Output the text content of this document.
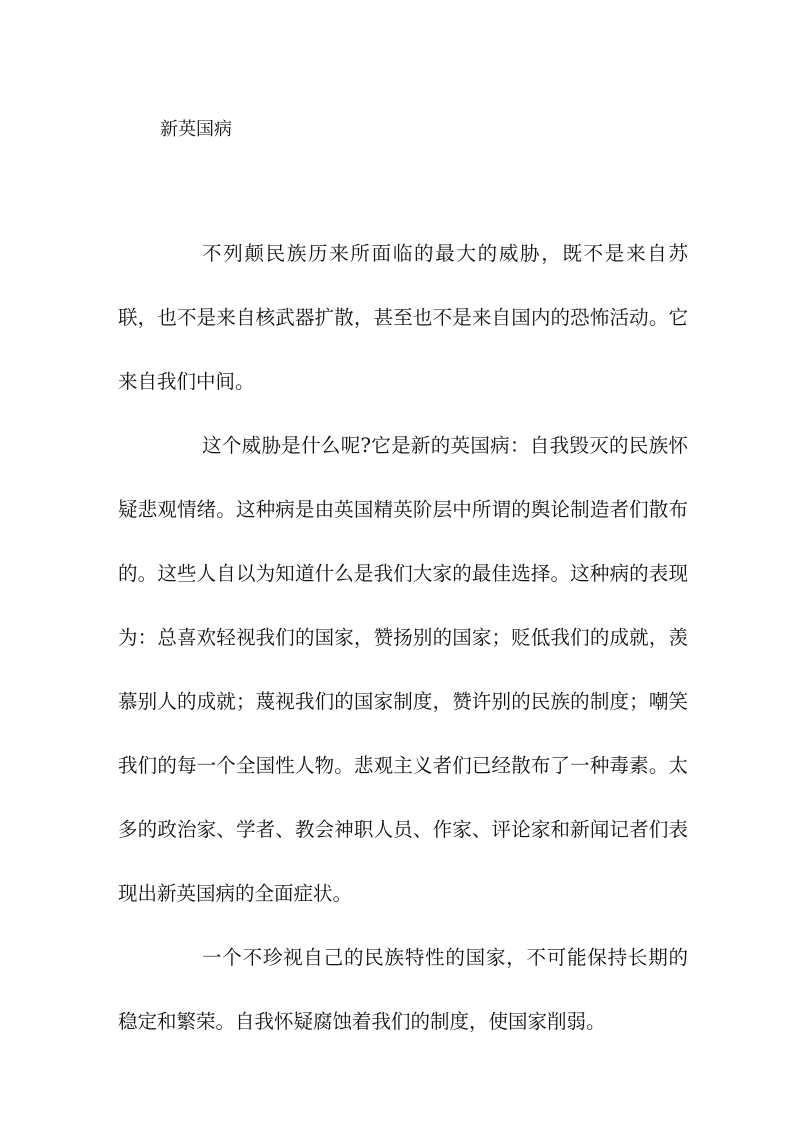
新英国病

不列颠民族历来所面临的最大的威胁，既不是来自苏联，也不是来自核武器扩散，甚至也不是来自国内的恐怖活动。它来自我们中间。

这个威胁是什么呢?它是新的英国病：自我毁灭的民族怀疑悲观情绪。这种病是由英国精英阶层中所谓的舆论制造者们散布的。这些人自以为知道什么是我们大家的最佳选择。这种病的表现为：总喜欢轻视我们的国家，赞扬别的国家；贬低我们的成就，羡慕别人的成就；蔑视我们的国家制度，赞许别的民族的制度；嘲笑我们的每一个全国性人物。悲观主义者们已经散布了一种毒素。太多的政治家、学者、教会神职人员、作家、评论家和新闻记者们表现出新英国病的全面症状。

一个不珍视自己的民族特性的国家，不可能保持长期的稳定和繁荣。自我怀疑腐蚀着我们的制度，使国家削弱。
